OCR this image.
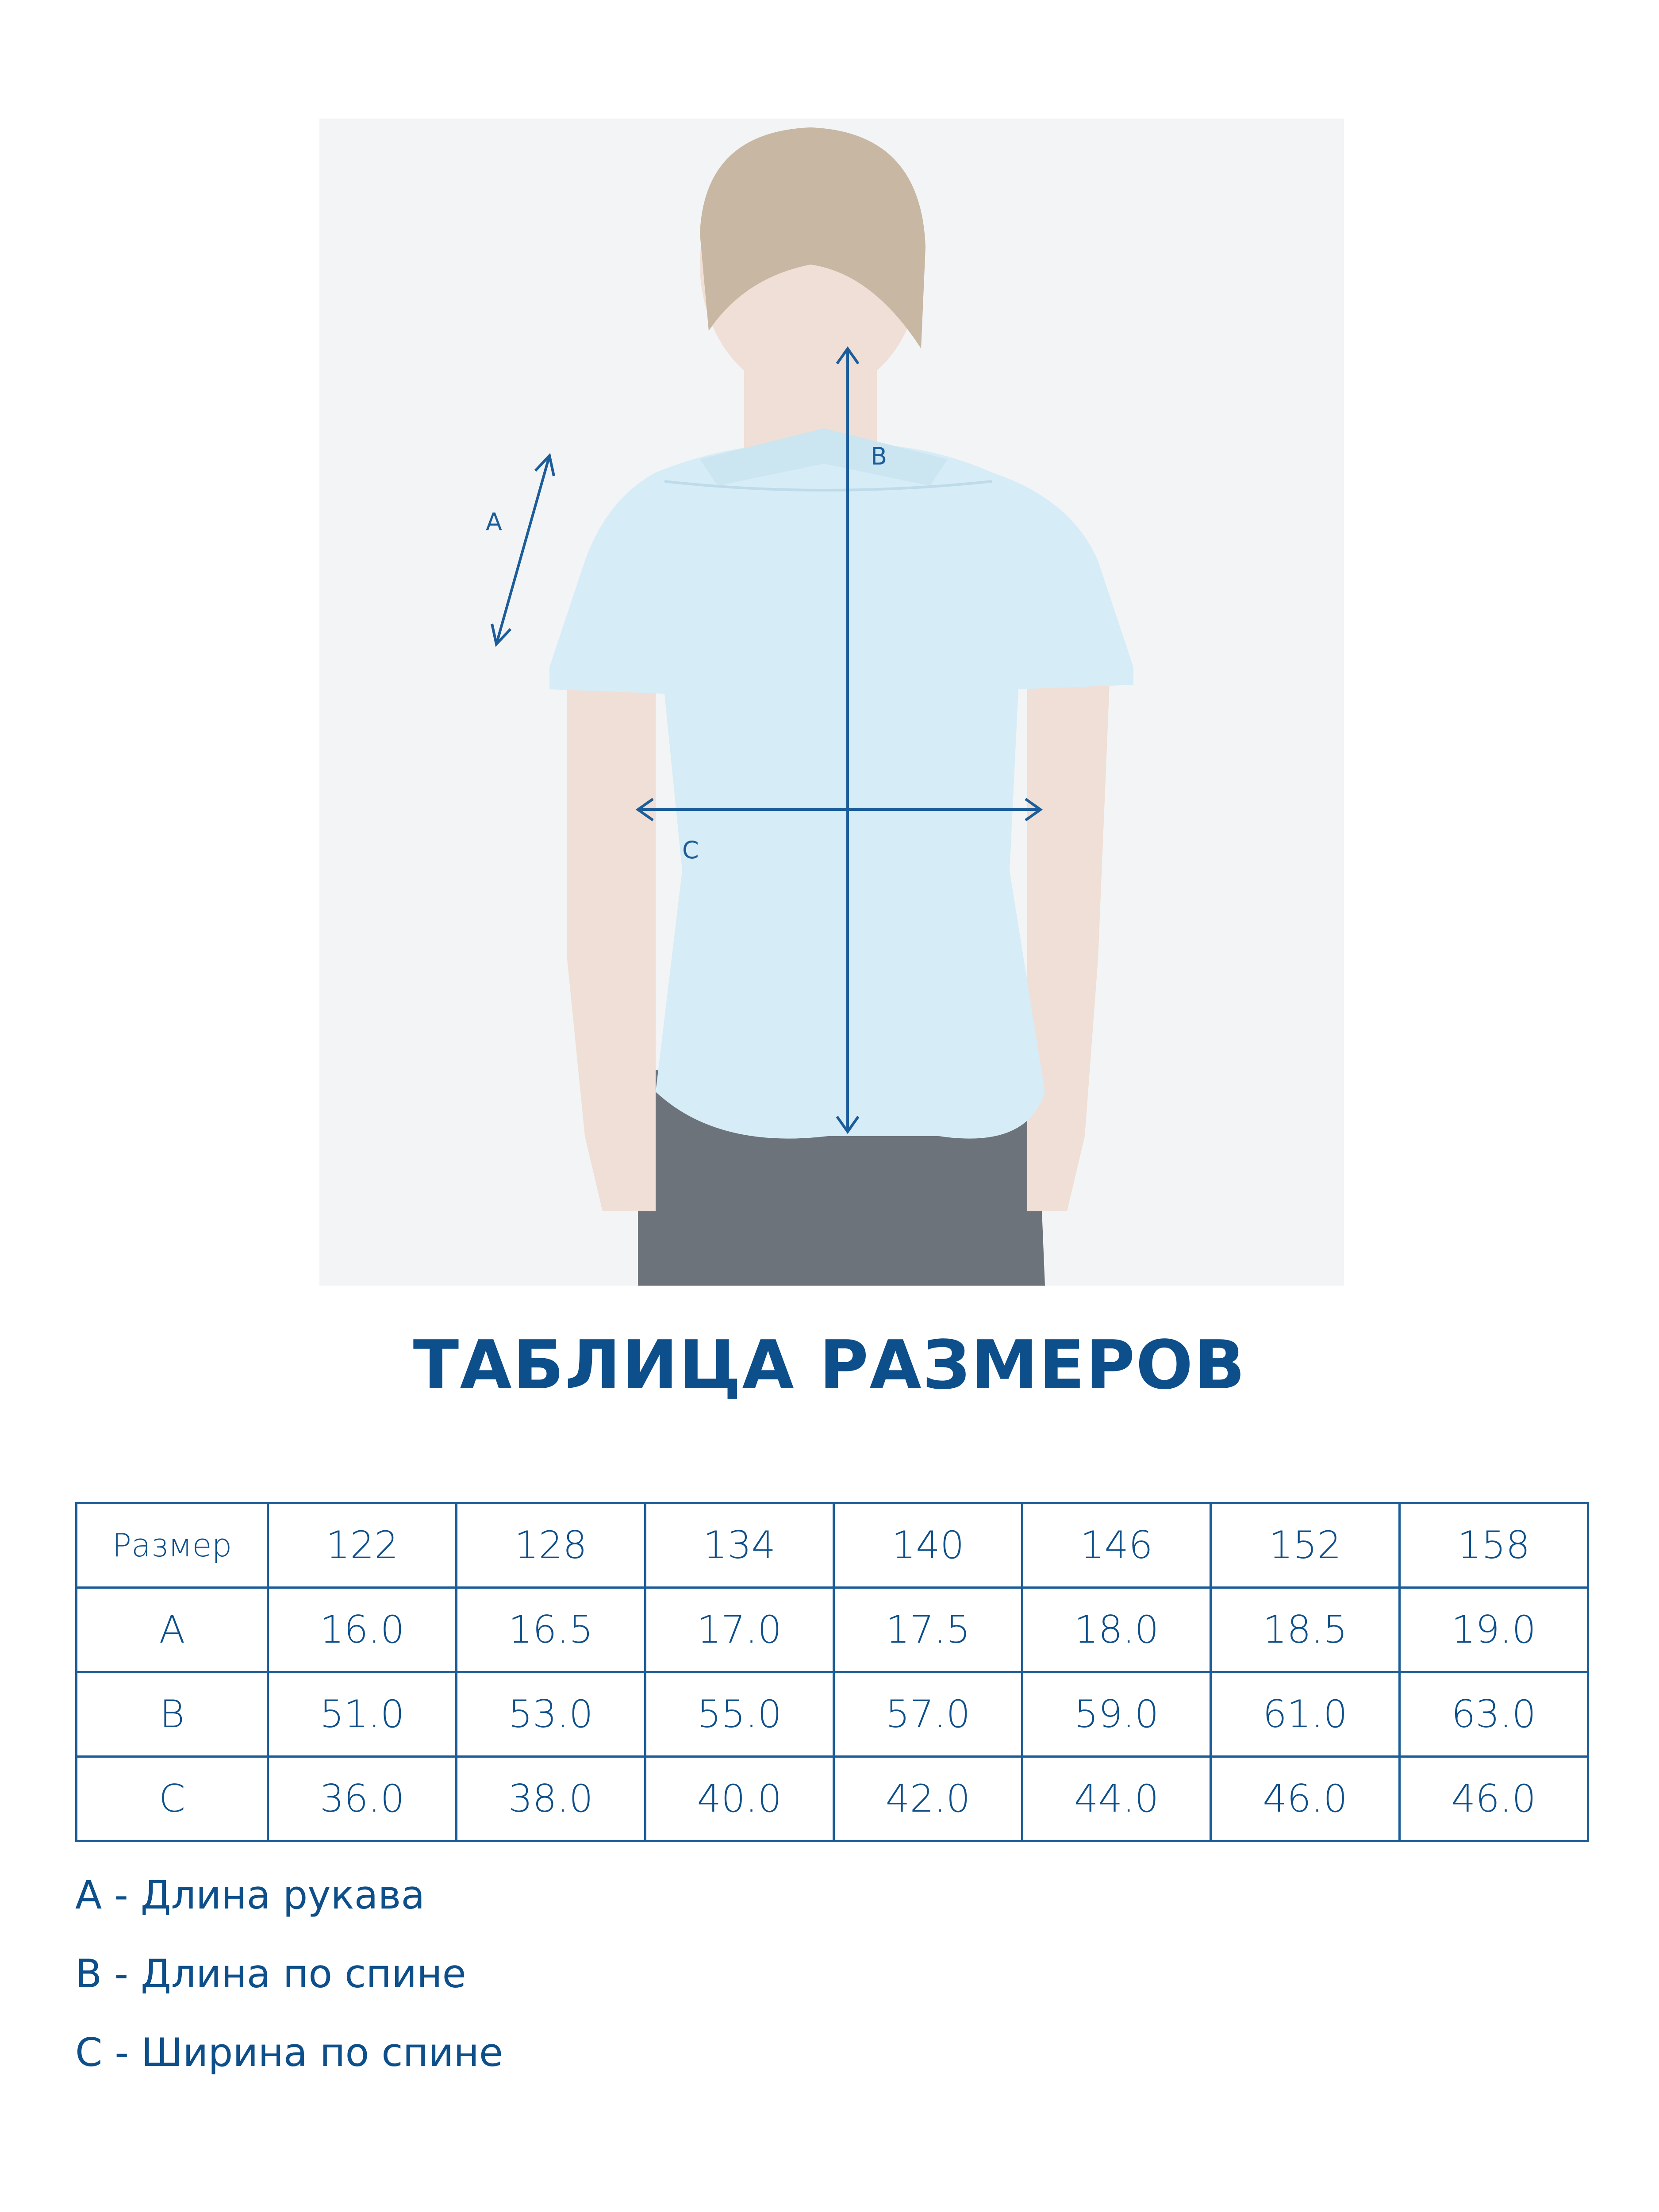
A
B
C
ТАБЛИЦА РАЗМЕРОВ
Размер	122	128	134	140	146	152	158
A	16.0	16.5	17.0	17.5	18.0	18.5	19.0
B	51.0	53.0	55.0	57.0	59.0	61.0	63.0
C	36.0	38.0	40.0	42.0	44.0	46.0	46.0
A - Длина рукава
B - Длина по спине
C - Ширина по спине
